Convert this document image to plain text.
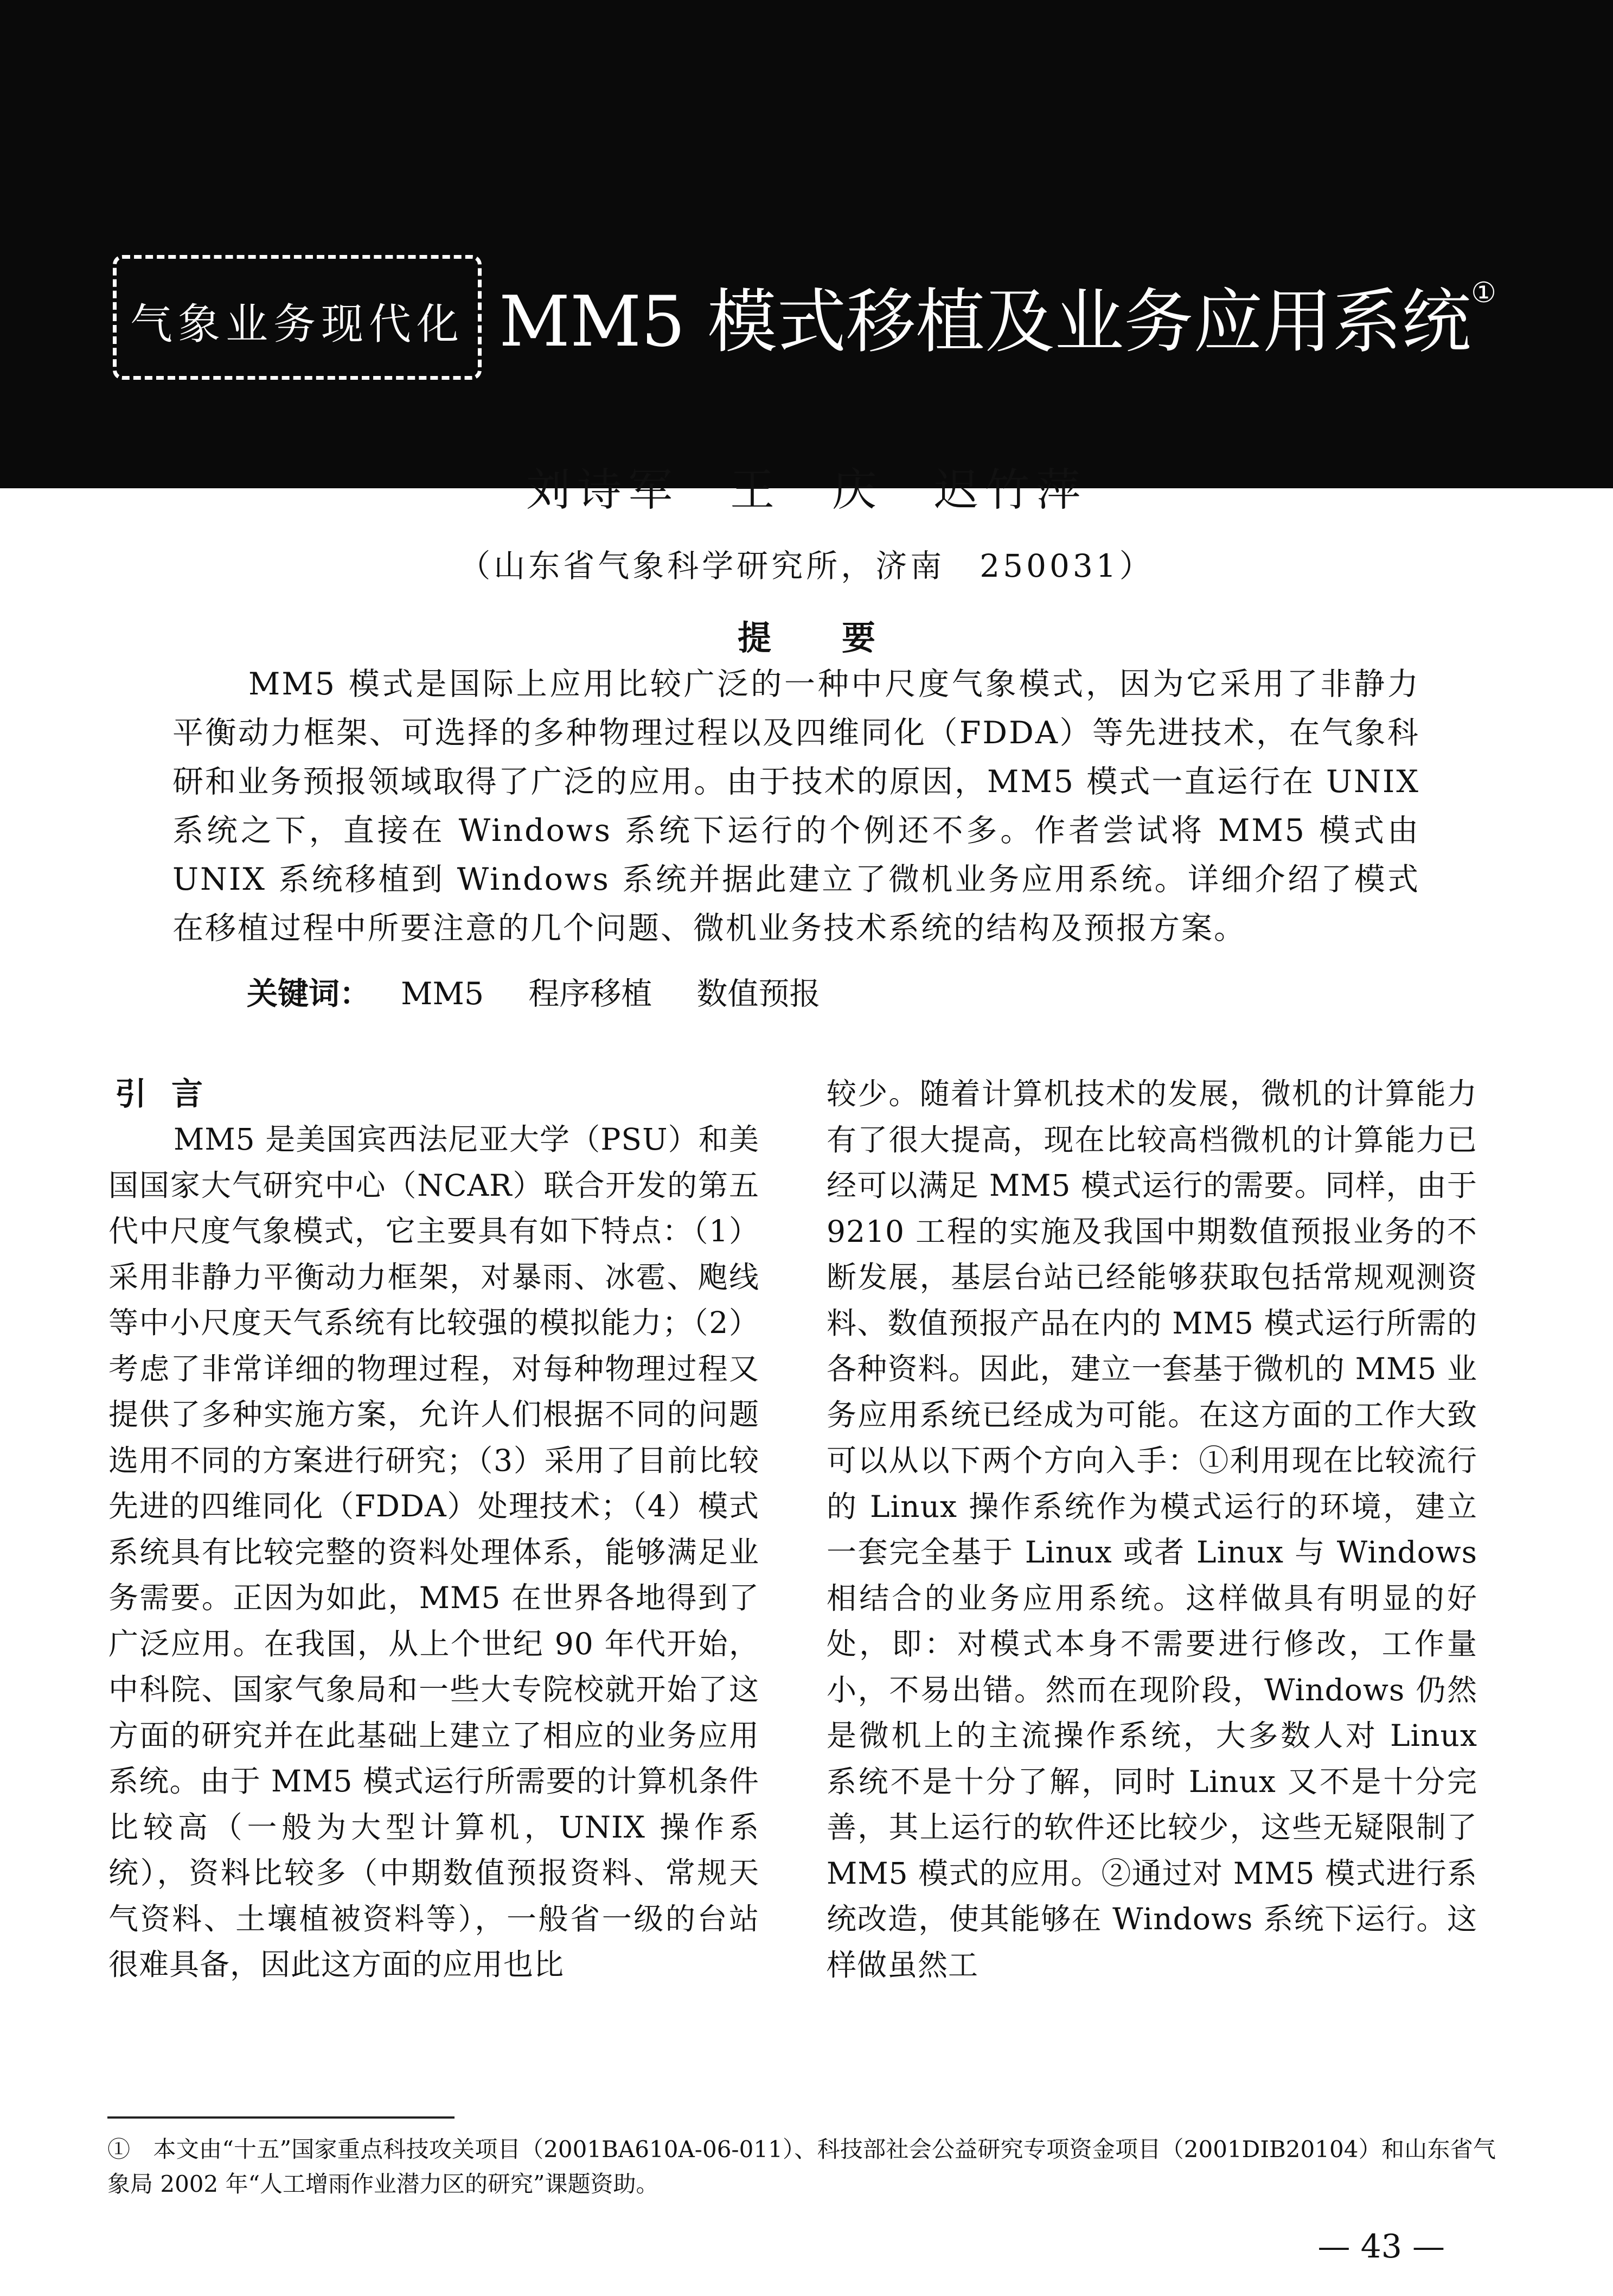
气象业务现代化 MM5 模式移植及业务应用系统①
刘诗军　王　庆　迟竹萍
（山东省气象科学研究所，济南　250031）
提要

MM5 模式是国际上应用比较广泛的一种中尺度气象模式，因为它采用了非静力平衡动力框架、可选择的多种物理过程以及四维同化（FDDA）等先进技术，在气象科研和业务预报领域取得了广泛的应用。由于技术的原因，MM5 模式一直运行在 UNIX 系统之下，直接在 Windows 系统下运行的个例还不多。作者尝试将 MM5 模式由 UNIX 系统移植到 Windows 系统并据此建立了微机业务应用系统。详细介绍了模式在移植过程中所要注意的几个问题、微机业务技术系统的结构及预报方案。

关键词： MM5 程序移植 数值预报
引言

MM5 是美国宾西法尼亚大学（PSU）和美国国家大气研究中心（NCAR）联合开发的第五代中尺度气象模式，它主要具有如下特点：（1）采用非静力平衡动力框架，对暴雨、冰雹、飑线等中小尺度天气系统有比较强的模拟能力；（2）考虑了非常详细的物理过程，对每种物理过程又提供了多种实施方案，允许人们根据不同的问题选用不同的方案进行研究；（3）采用了目前比较先进的四维同化（FDDA）处理技术；（4）模式系统具有比较完整的资料处理体系，能够满足业务需要。正因为如此，MM5 在世界各地得到了广泛应用。在我国，从上个世纪 90 年代开始，中科院、国家气象局和一些大专院校就开始了这方面的研究并在此基础上建立了相应的业务应用系统。由于 MM5 模式运行所需要的计算机条件比较高（一般为大型计算机，UNIX 操作系统），资料比较多（中期数值预报资料、常规天气资料、土壤植被资料等），一般省一级的台站很难具备，因此这方面的应用也比

较少。随着计算机技术的发展，微机的计算能力有了很大提高，现在比较高档微机的计算能力已经可以满足 MM5 模式运行的需要。同样，由于 9210 工程的实施及我国中期数值预报业务的不断发展，基层台站已经能够获取包括常规观测资料、数值预报产品在内的 MM5 模式运行所需的各种资料。因此，建立一套基于微机的 MM5 业务应用系统已经成为可能。在这方面的工作大致可以从以下两个方向入手：①利用现在比较流行的 Linux 操作系统作为模式运行的环境，建立一套完全基于 Linux 或者 Linux 与 Windows 相结合的业务应用系统。这样做具有明显的好处，即：对模式本身不需要进行修改，工作量小，不易出错。然而在现阶段，Windows 仍然是微机上的主流操作系统，大多数人对 Linux 系统不是十分了解，同时 Linux 又不是十分完善，其上运行的软件还比较少，这些无疑限制了 MM5 模式的应用。②通过对 MM5 模式进行系统改造，使其能够在 Windows 系统下运行。这样做虽然工

①　本文由“十五”国家重点科技攻关项目（2001BA610A-06-011）、科技部社会公益研究专项资金项目（2001DIB20104）和山东省气象局 2002 年“人工增雨作业潜力区的研究”课题资助。

— 43 —
